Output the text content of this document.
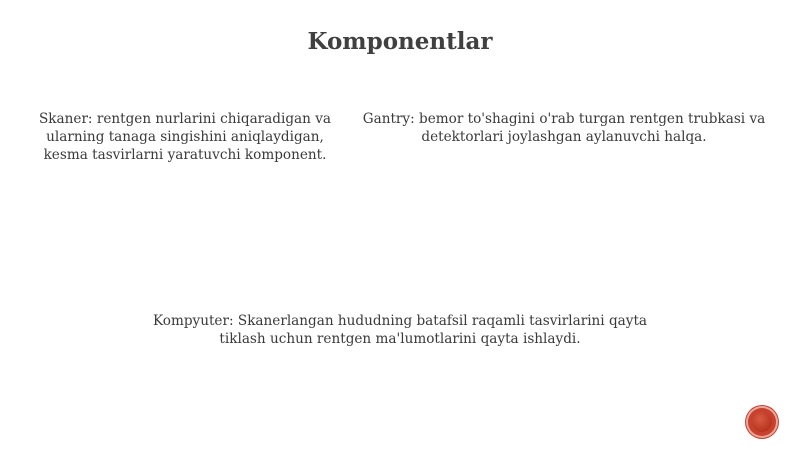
Komponentlar

Skaner: rentgen nurlarini chiqaradigan va ularning tanaga singishini aniqlaydigan, kesma tasvirlarni yaratuvchi komponent.

Gantry: bemor to'shagini o'rab turgan rentgen trubkasi va detektorlari joylashgan aylanuvchi halqa.

Kompyuter: Skanerlangan hududning batafsil raqamli tasvirlarini qayta tiklash uchun rentgen ma'lumotlarini qayta ishlaydi.
